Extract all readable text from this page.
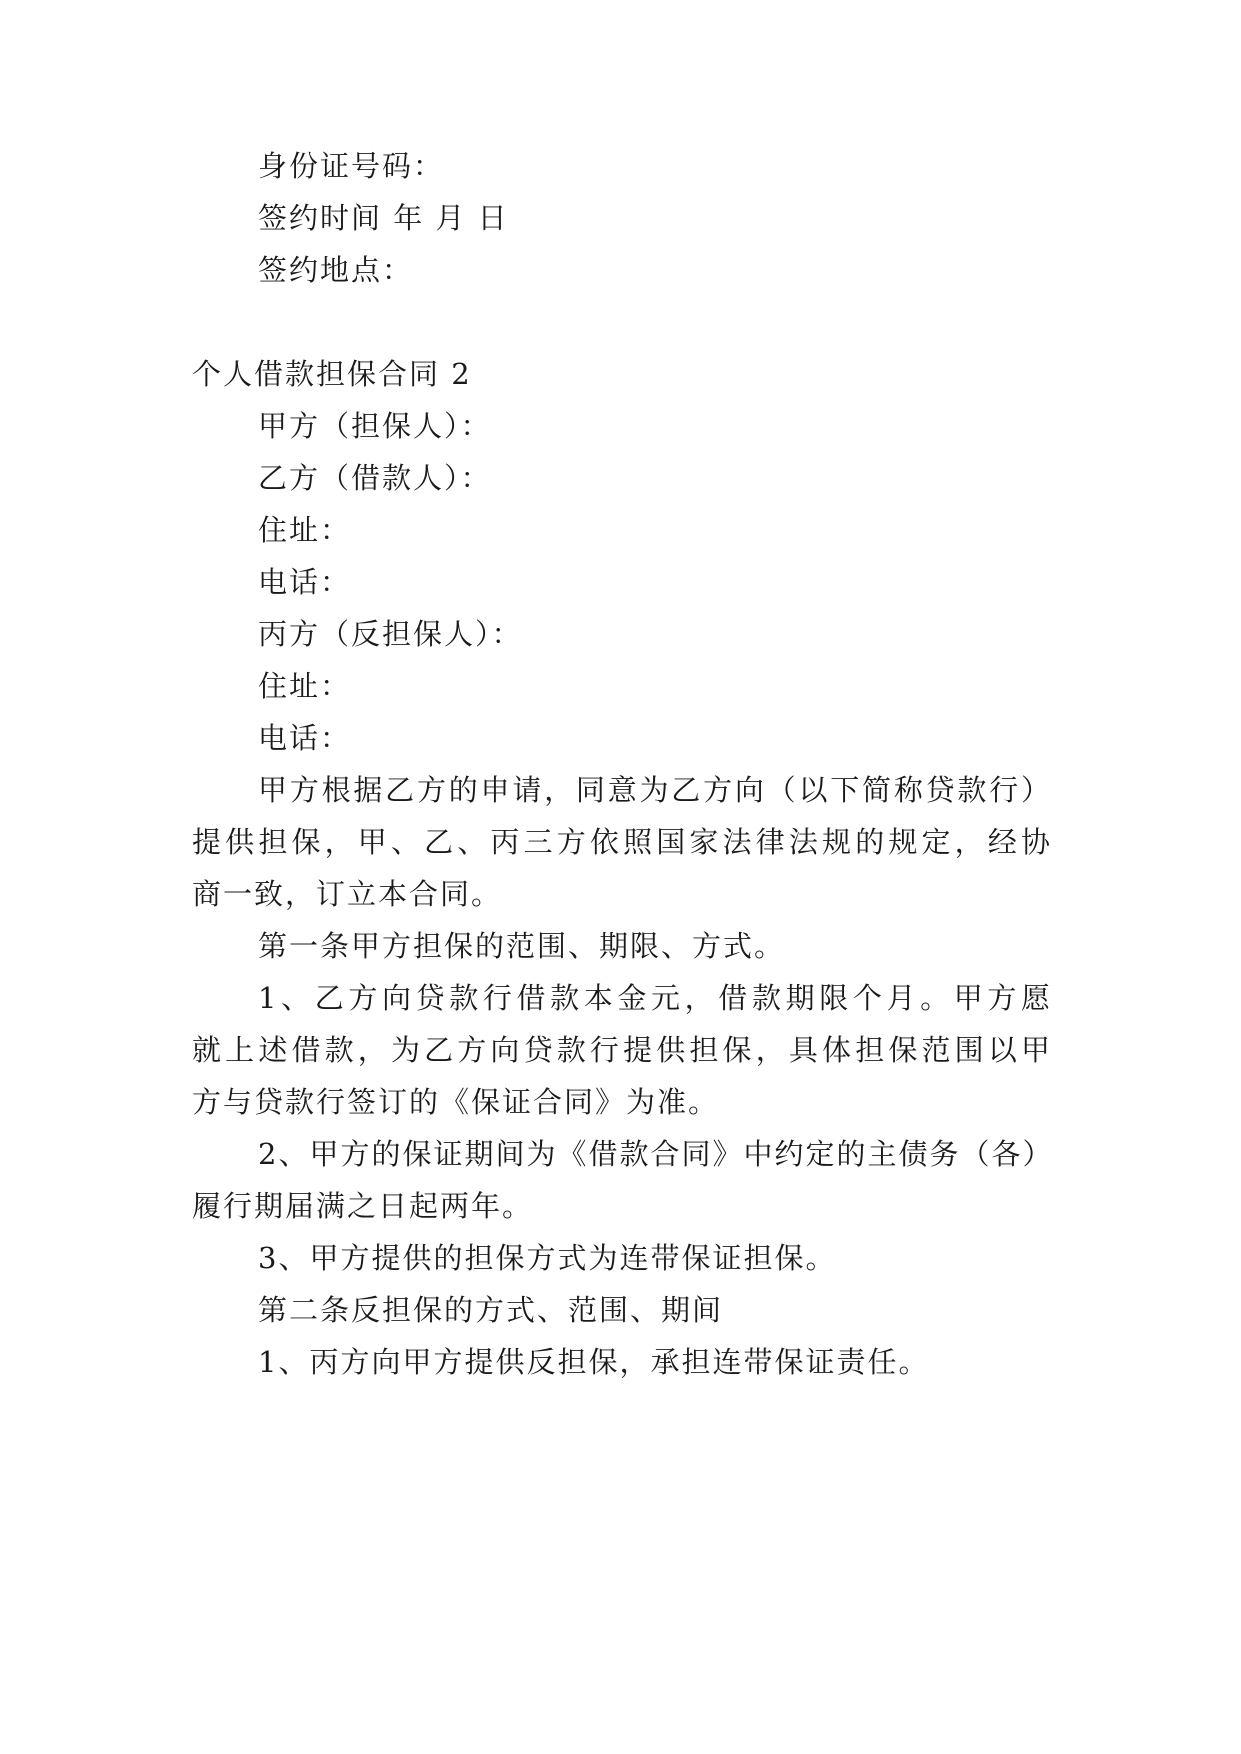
身份证号码：
签约时间 年 月 日
签约地点：
个人借款担保合同 2
甲方（担保人）：
乙方（借款人）：
住址：
电话：
丙方（反担保人）：
住址：
电话：
甲方根据乙方的申请，同意为乙方向（以下简称贷款行）
提供担保，甲、乙、丙三方依照国家法律法规的规定，经协
商一致，订立本合同。
第一条甲方担保的范围、期限、方式。
1、乙方向贷款行借款本金元，借款期限个月。甲方愿
就上述借款，为乙方向贷款行提供担保，具体担保范围以甲
方与贷款行签订的《保证合同》为准。
2、甲方的保证期间为《借款合同》中约定的主债务（各）
履行期届满之日起两年。
3、甲方提供的担保方式为连带保证担保。
第二条反担保的方式、范围、期间
1、丙方向甲方提供反担保，承担连带保证责任。
